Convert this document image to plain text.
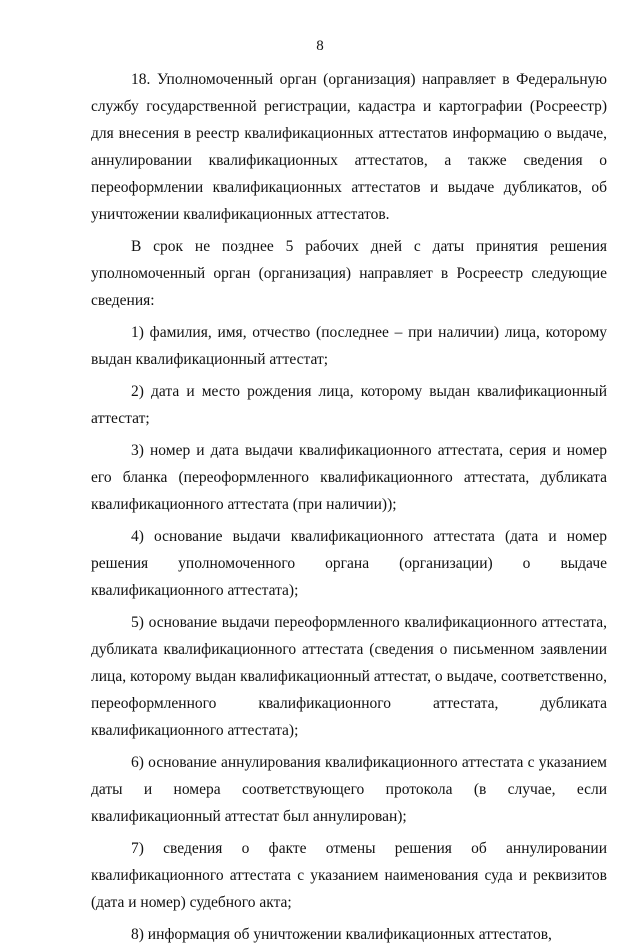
8

18. Уполномоченный орган (организация) направляет в Федеральную службу государственной регистрации, кадастра и картографии (Росреестр) для внесения в реестр квалификационных аттестатов информацию о выдаче, аннулировании квалификационных аттестатов, а также сведения о переоформлении квалификационных аттестатов и выдаче дубликатов, об уничтожении квалификационных аттестатов.

В срок не позднее 5 рабочих дней с даты принятия решения уполномоченный орган (организация) направляет в Росреестр следующие сведения:

1) фамилия, имя, отчество (последнее – при наличии) лица, которому выдан квалификационный аттестат;

2) дата и место рождения лица, которому выдан квалификационный аттестат;

3) номер и дата выдачи квалификационного аттестата, серия и номер его бланка (переоформленного квалификационного аттестата, дубликата квалификационного аттестата (при наличии));

4) основание выдачи квалификационного аттестата (дата и номер решения уполномоченного органа (организации) о выдаче квалификационного аттестата);

5) основание выдачи переоформленного квалификационного аттестата, дубликата квалификационного аттестата (сведения о письменном заявлении лица, которому выдан квалификационный аттестат, о выдаче, соответственно, переоформленного квалификационного аттестата, дубликата квалификационного аттестата);

6) основание аннулирования квалификационного аттестата с указанием даты и номера соответствующего протокола (в случае, если квалификационный аттестат был аннулирован);

7) сведения о факте отмены решения об аннулировании квалификационного аттестата с указанием наименования суда и реквизитов (дата и номер) судебного акта;

8) информация об уничтожении квалификационных аттестатов,
